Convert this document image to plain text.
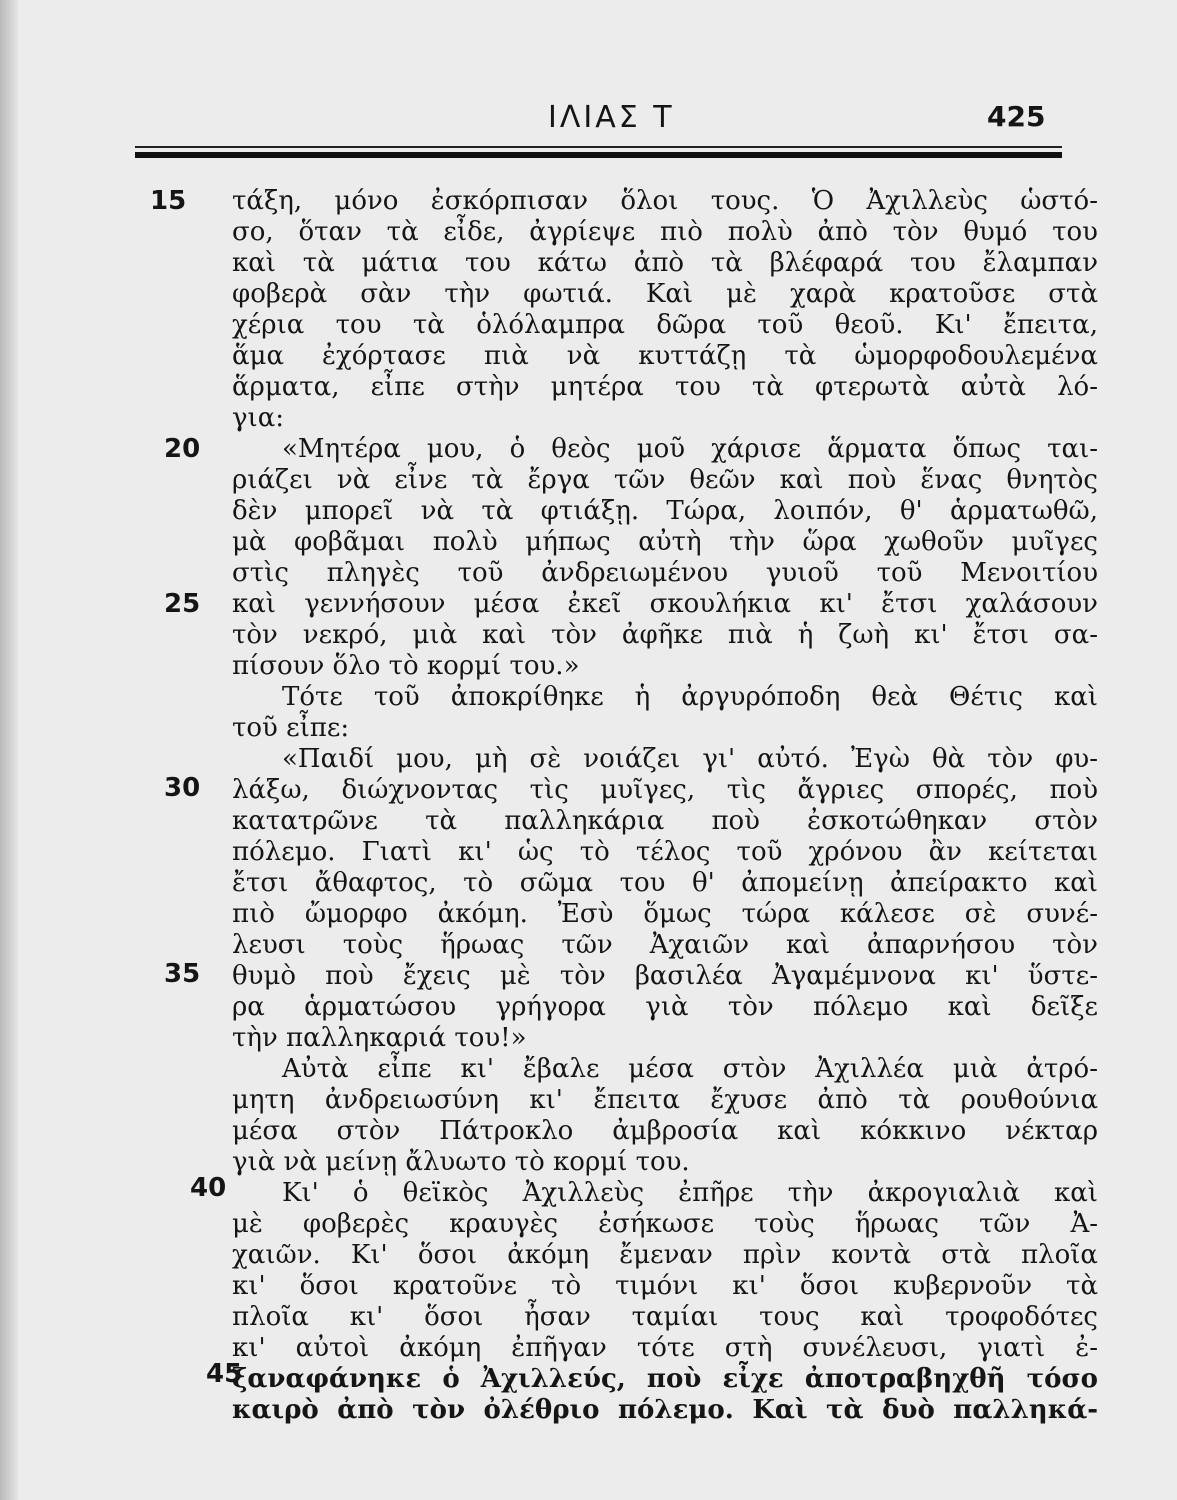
ΙΛΙΑΣ Τ	425
15
20
25
30
35
40
45
τάξη, μόνο ἐσκόρπισαν ὅλοι τους. Ὁ Ἀχιλλεὺς ὡστό-
σο, ὅταν τὰ εἶδε, ἀγρίεψε πιὸ πολὺ ἀπὸ τὸν θυμό του
καὶ τὰ μάτια του κάτω ἀπὸ τὰ βλέφαρά του ἔλαμπαν
φοβερὰ σὰν τὴν φωτιά. Καὶ μὲ χαρὰ κρατοῦσε στὰ
χέρια του τὰ ὁλόλαμπρα δῶρα τοῦ θεοῦ. Κι' ἔπειτα,
ἅμα ἐχόρτασε πιὰ νὰ κυττάζῃ τὰ ὡμορφοδουλεμένα
ἅρματα, εἶπε στὴν μητέρα του τὰ φτερωτὰ αὐτὰ λό-
για:
«Μητέρα μου, ὁ θεὸς μοῦ χάρισε ἅρματα ὅπως ται-
ριάζει νὰ εἶνε τὰ ἔργα τῶν θεῶν καὶ ποὺ ἕνας θνητὸς
δὲν μπορεῖ νὰ τὰ φτιάξῃ. Τώρα, λοιπόν, θ' ἁρματωθῶ,
μὰ φοβᾶμαι πολὺ μήπως αὐτὴ τὴν ὥρα χωθοῦν μυῖγες
στὶς πληγὲς τοῦ ἀνδρειωμένου γυιοῦ τοῦ Μενοιτίου
καὶ γεννήσουν μέσα ἐκεῖ σκουλήκια κι' ἔτσι χαλάσουν
τὸν νεκρό, μιὰ καὶ τὸν ἀφῆκε πιὰ ἡ ζωὴ κι' ἔτσι σα-
πίσουν ὅλο τὸ κορμί του.»
Τότε τοῦ ἀποκρίθηκε ἡ ἀργυρόποδη θεὰ Θέτις καὶ
τοῦ εἶπε:
«Παιδί μου, μὴ σὲ νοιάζει γι' αὐτό. Ἐγὼ θὰ τὸν φυ-
λάξω, διώχνοντας τὶς μυῖγες, τὶς ἄγριες σπορές, ποὺ
κατατρῶνε τὰ παλληκάρια ποὺ ἐσκοτώθηκαν στὸν
πόλεμο. Γιατὶ κι' ὡς τὸ τέλος τοῦ χρόνου ἂν κείτεται
ἔτσι ἄθαφτος, τὸ σῶμα του θ' ἀπομείνῃ ἀπείρακτο καὶ
πιὸ ὤμορφο ἀκόμη. Ἐσὺ ὅμως τώρα κάλεσε σὲ συνέ-
λευσι τοὺς ἥρωας τῶν Ἀχαιῶν καὶ ἀπαρνήσου τὸν
θυμὸ ποὺ ἔχεις μὲ τὸν βασιλέα Ἀγαμέμνονα κι' ὕστε-
ρα ἁρματώσου γρήγορα γιὰ τὸν πόλεμο καὶ δεῖξε
τὴν παλληκαριά του!»
Αὐτὰ εἶπε κι' ἔβαλε μέσα στὸν Ἀχιλλέα μιὰ ἀτρό-
μητη ἀνδρειωσύνη κι' ἔπειτα ἔχυσε ἀπὸ τὰ ρουθούνια
μέσα στὸν Πάτροκλο ἀμβροσία καὶ κόκκινο νέκταρ
γιὰ νὰ μείνῃ ἄλυωτο τὸ κορμί του.
Κι' ὁ θεϊκὸς Ἀχιλλεὺς ἐπῆρε τὴν ἀκρογιαλιὰ καὶ
μὲ φοβερὲς κραυγὲς ἐσήκωσε τοὺς ἥρωας τῶν Ἀ-
χαιῶν. Κι' ὅσοι ἀκόμη ἔμεναν πρὶν κοντὰ στὰ πλοῖα
κι' ὅσοι κρατοῦνε τὸ τιμόνι κι' ὅσοι κυβερνοῦν τὰ
πλοῖα κι' ὅσοι ἦσαν ταμίαι τους καὶ τροφοδότες
κι' αὐτοὶ ἀκόμη ἐπῆγαν τότε στὴ συνέλευσι, γιατὶ ἐ-
ξαναφάνηκε ὁ Ἀχιλλεύς, ποὺ εἶχε ἀποτραβηχθῆ τόσο
καιρὸ ἀπὸ τὸν ὀλέθριο πόλεμο. Καὶ τὰ δυὸ παλληκά-
